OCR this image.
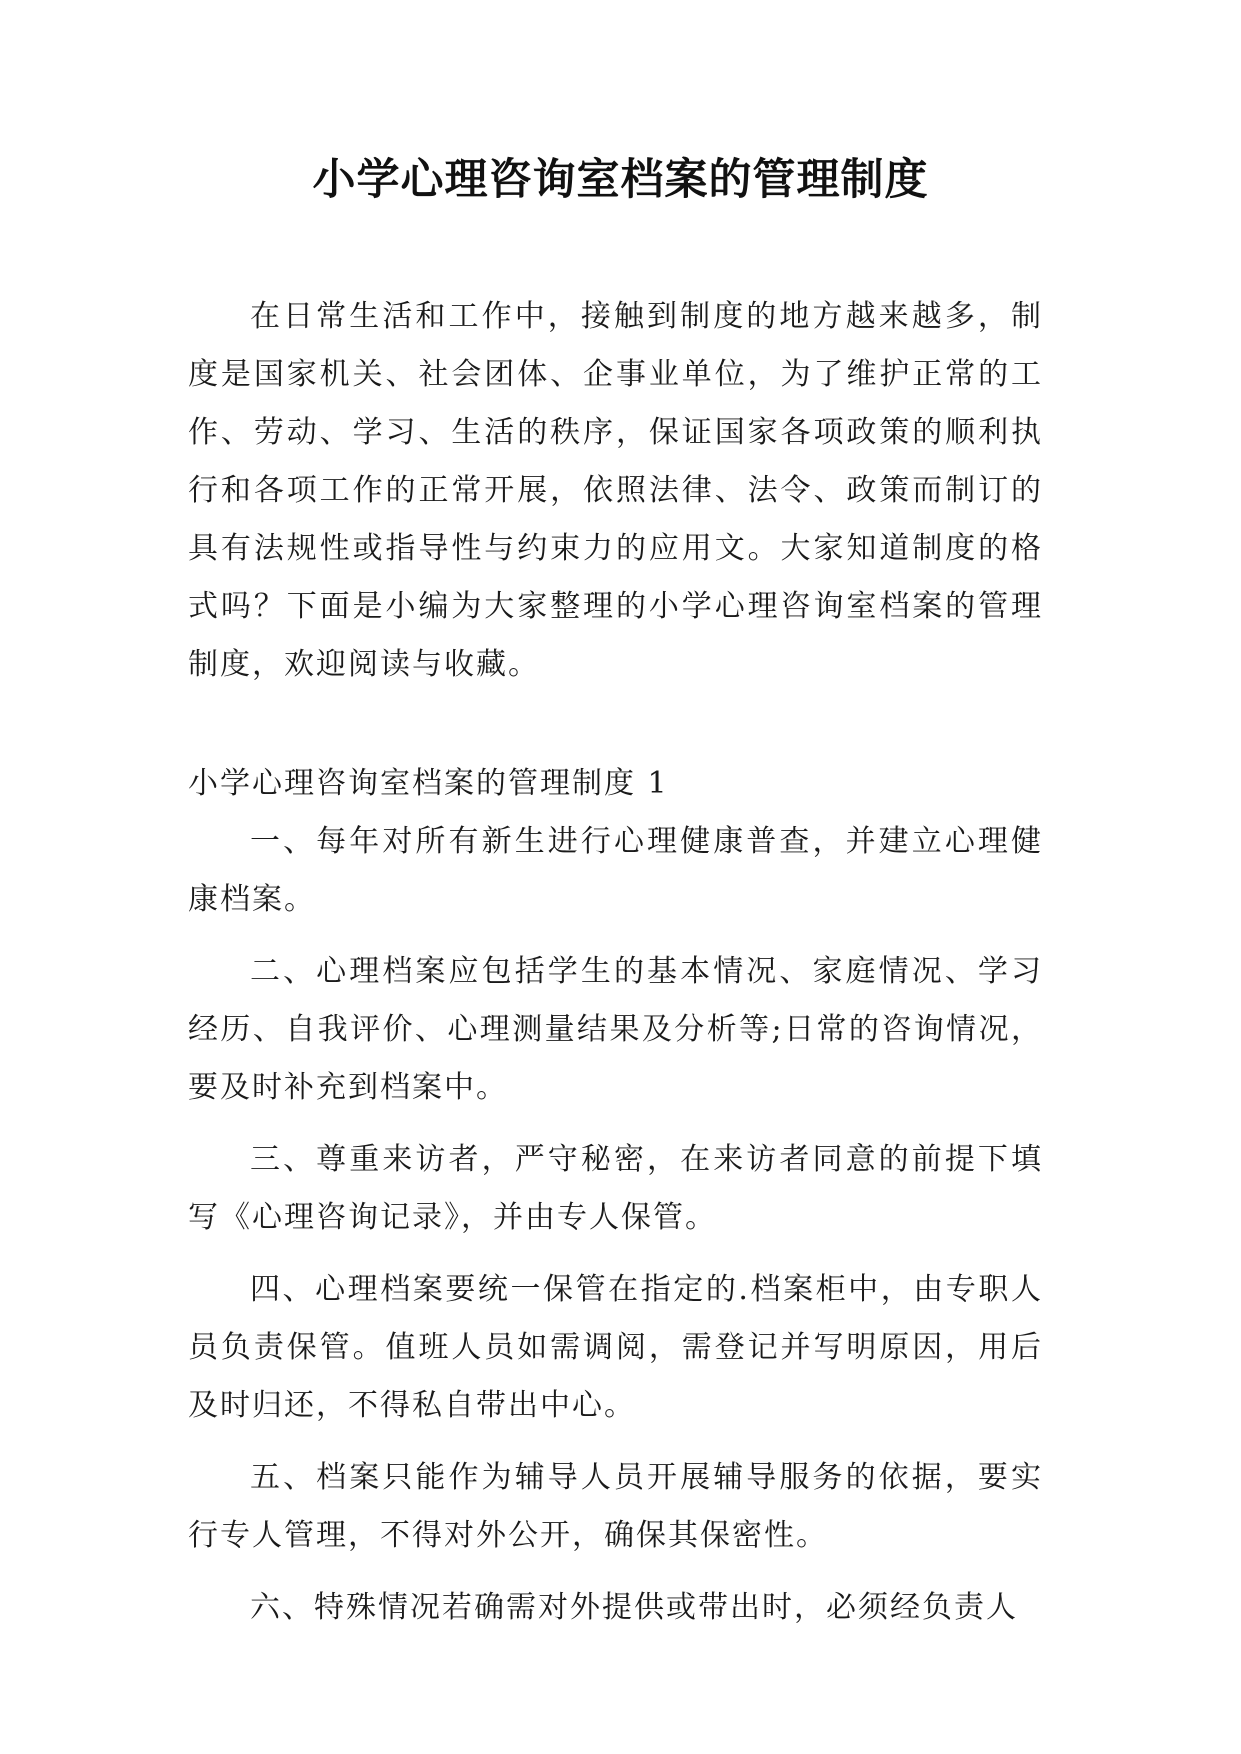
小学心理咨询室档案的管理制度

在日常生活和工作中，接触到制度的地方越来越多，制度是国家机关、社会团体、企事业单位，为了维护正常的工作、劳动、学习、生活的秩序，保证国家各项政策的顺利执行和各项工作的正常开展，依照法律、法令、政策而制订的具有法规性或指导性与约束力的应用文。大家知道制度的格式吗？下面是小编为大家整理的小学心理咨询室档案的管理制度，欢迎阅读与收藏。

小学心理咨询室档案的管理制度 1

一、每年对所有新生进行心理健康普查，并建立心理健康档案。

二、心理档案应包括学生的基本情况、家庭情况、学习经历、自我评价、心理测量结果及分析等;日常的咨询情况，要及时补充到档案中。

三、尊重来访者，严守秘密，在来访者同意的前提下填写《心理咨询记录》，并由专人保管。

四、心理档案要统一保管在指定的.档案柜中，由专职人员负责保管。值班人员如需调阅，需登记并写明原因，用后及时归还，不得私自带出中心。

五、档案只能作为辅导人员开展辅导服务的依据，要实行专人管理，不得对外公开，确保其保密性。

六、特殊情况若确需对外提供或带出时，必须经负责人
